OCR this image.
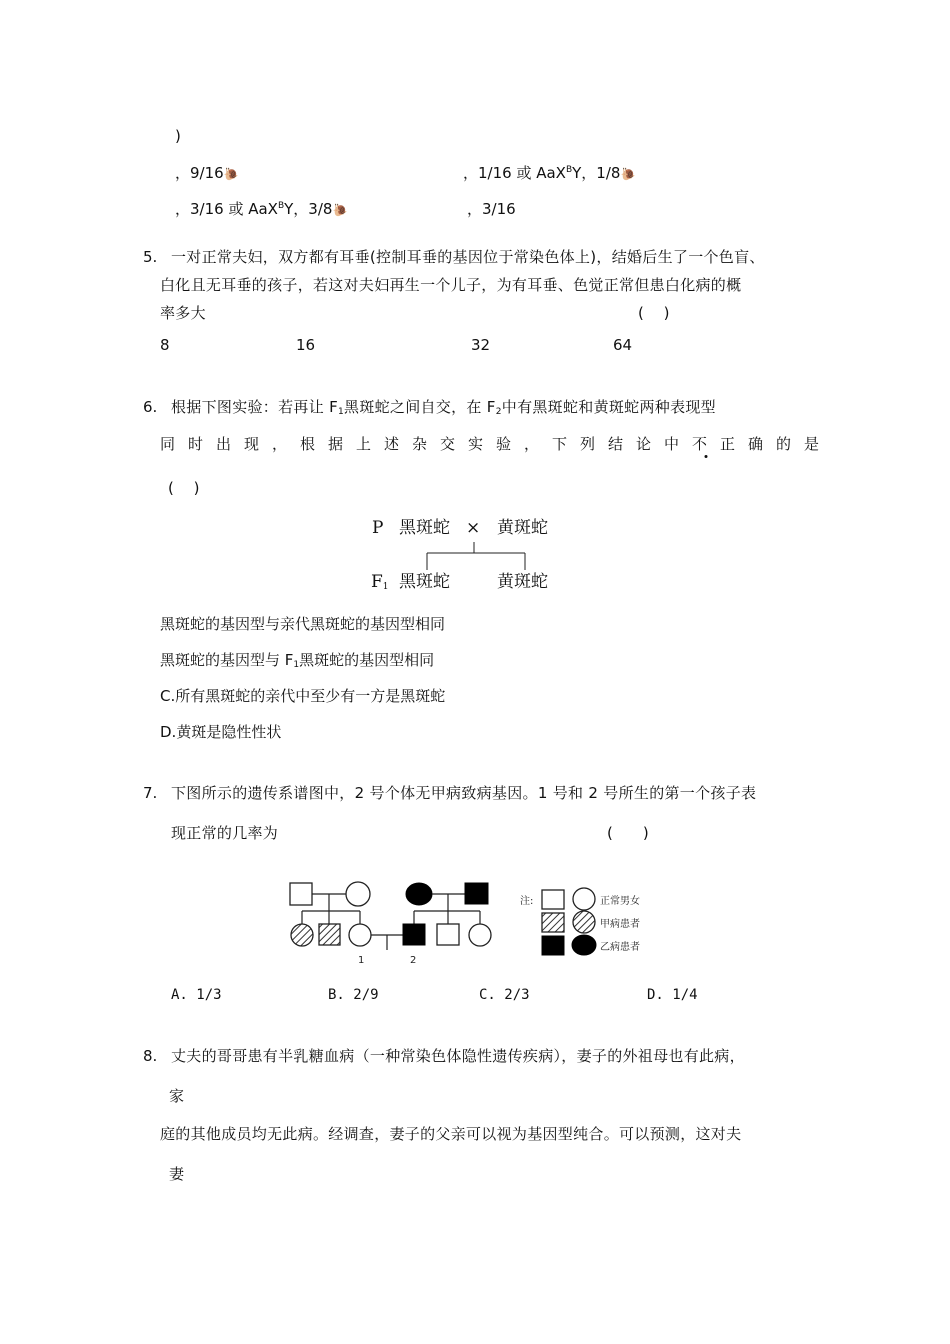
)
，9/16🐌	，1/16 或 AaX$^B$Y，1/8🐌
，3/16 或 AaX$^B$Y，3/8🐌	，3/16
5. 一对正常夫妇，双方都有耳垂(控制耳垂的基因位于常染色体上)，结婚后生了一个色盲、
白化且无耳垂的孩子，若这对夫妇再生一个儿子，为有耳垂、色觉正常但患白化病的概
率多大	(　 )
8	16	32	64
6. 根据下图实验：若再让 $F_1$黑斑蛇之间自交，在 $F_2$中有黑斑蛇和黄斑蛇两种表现型
同时出现，根据上述杂交实验，下列结论中不正确的是
(　 )
P 黑斑蛇 × 黄斑蛇
$F_1$ 黑斑蛇	黄斑蛇
黑斑蛇的基因型与亲代黑斑蛇的基因型相同
黑斑蛇的基因型与 $F_1$黑斑蛇的基因型相同
C.所有黑斑蛇的亲代中至少有一方是黑斑蛇
D.黄斑是隐性性状
7. 下图所示的遗传系谱图中，2 号个体无甲病致病基因。1 号和 2 号所生的第一个孩子表
现正常的几率为	(　　)
1	2
注:	正常男女
甲病患者
乙病患者
A. 1/3	B. 2/9	C. 2/3	D. 1/4
8. 丈夫的哥哥患有半乳糖血病（一种常染色体隐性遗传疾病），妻子的外祖母也有此病，
家
庭的其他成员均无此病。经调查，妻子的父亲可以视为基因型纯合。可以预测，这对夫
妻
